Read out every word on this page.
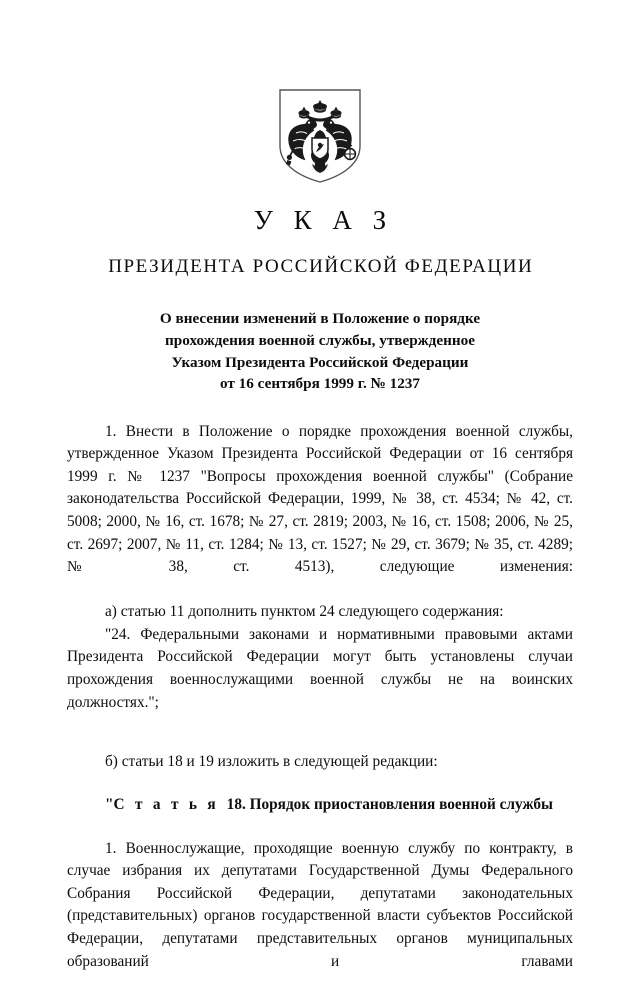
У К А З
ПРЕЗИДЕНТА РОССИЙСКОЙ ФЕДЕРАЦИИ
О внесении изменений в Положение о порядке
прохождения военной службы, утвержденное
Указом Президента Российской Федерации
от 16 сентября 1999 г. № 1237

1. Внести в Положение о порядке прохождения военной службы, утвержденное Указом Президента Российской Федерации от 16 сентября 1999 г. № 1237 "Вопросы прохождения военной службы" (Собрание законодательства Российской Федерации, 1999, № 38, ст. 4534; № 42, ст. 5008; 2000, № 16, ст. 1678; № 27, ст. 2819; 2003, № 16, ст. 1508; 2006, № 25, ст. 2697; 2007, № 11, ст. 1284; № 13, ст. 1527; № 29, ст. 3679; № 35, ст. 4289; № 38, ст. 4513), следующие изменения:

а) статью 11 дополнить пунктом 24 следующего содержания:

"24. Федеральными законами и нормативными правовыми актами Президента Российской Федерации могут быть установлены случаи прохождения военнослужащими военной службы не на воинских должностях.";

б) статьи 18 и 19 изложить в следующей редакции:

"С т а т ь я 18. Порядок приостановления военной службы

1. Военнослужащие, проходящие военную службу по контракту, в случае избрания их депутатами Государственной Думы Федерального Собрания Российской Федерации, депутатами законодательных (представительных) органов государственной власти субъектов Российской Федерации, депутатами представительных органов муниципальных образований и главами
